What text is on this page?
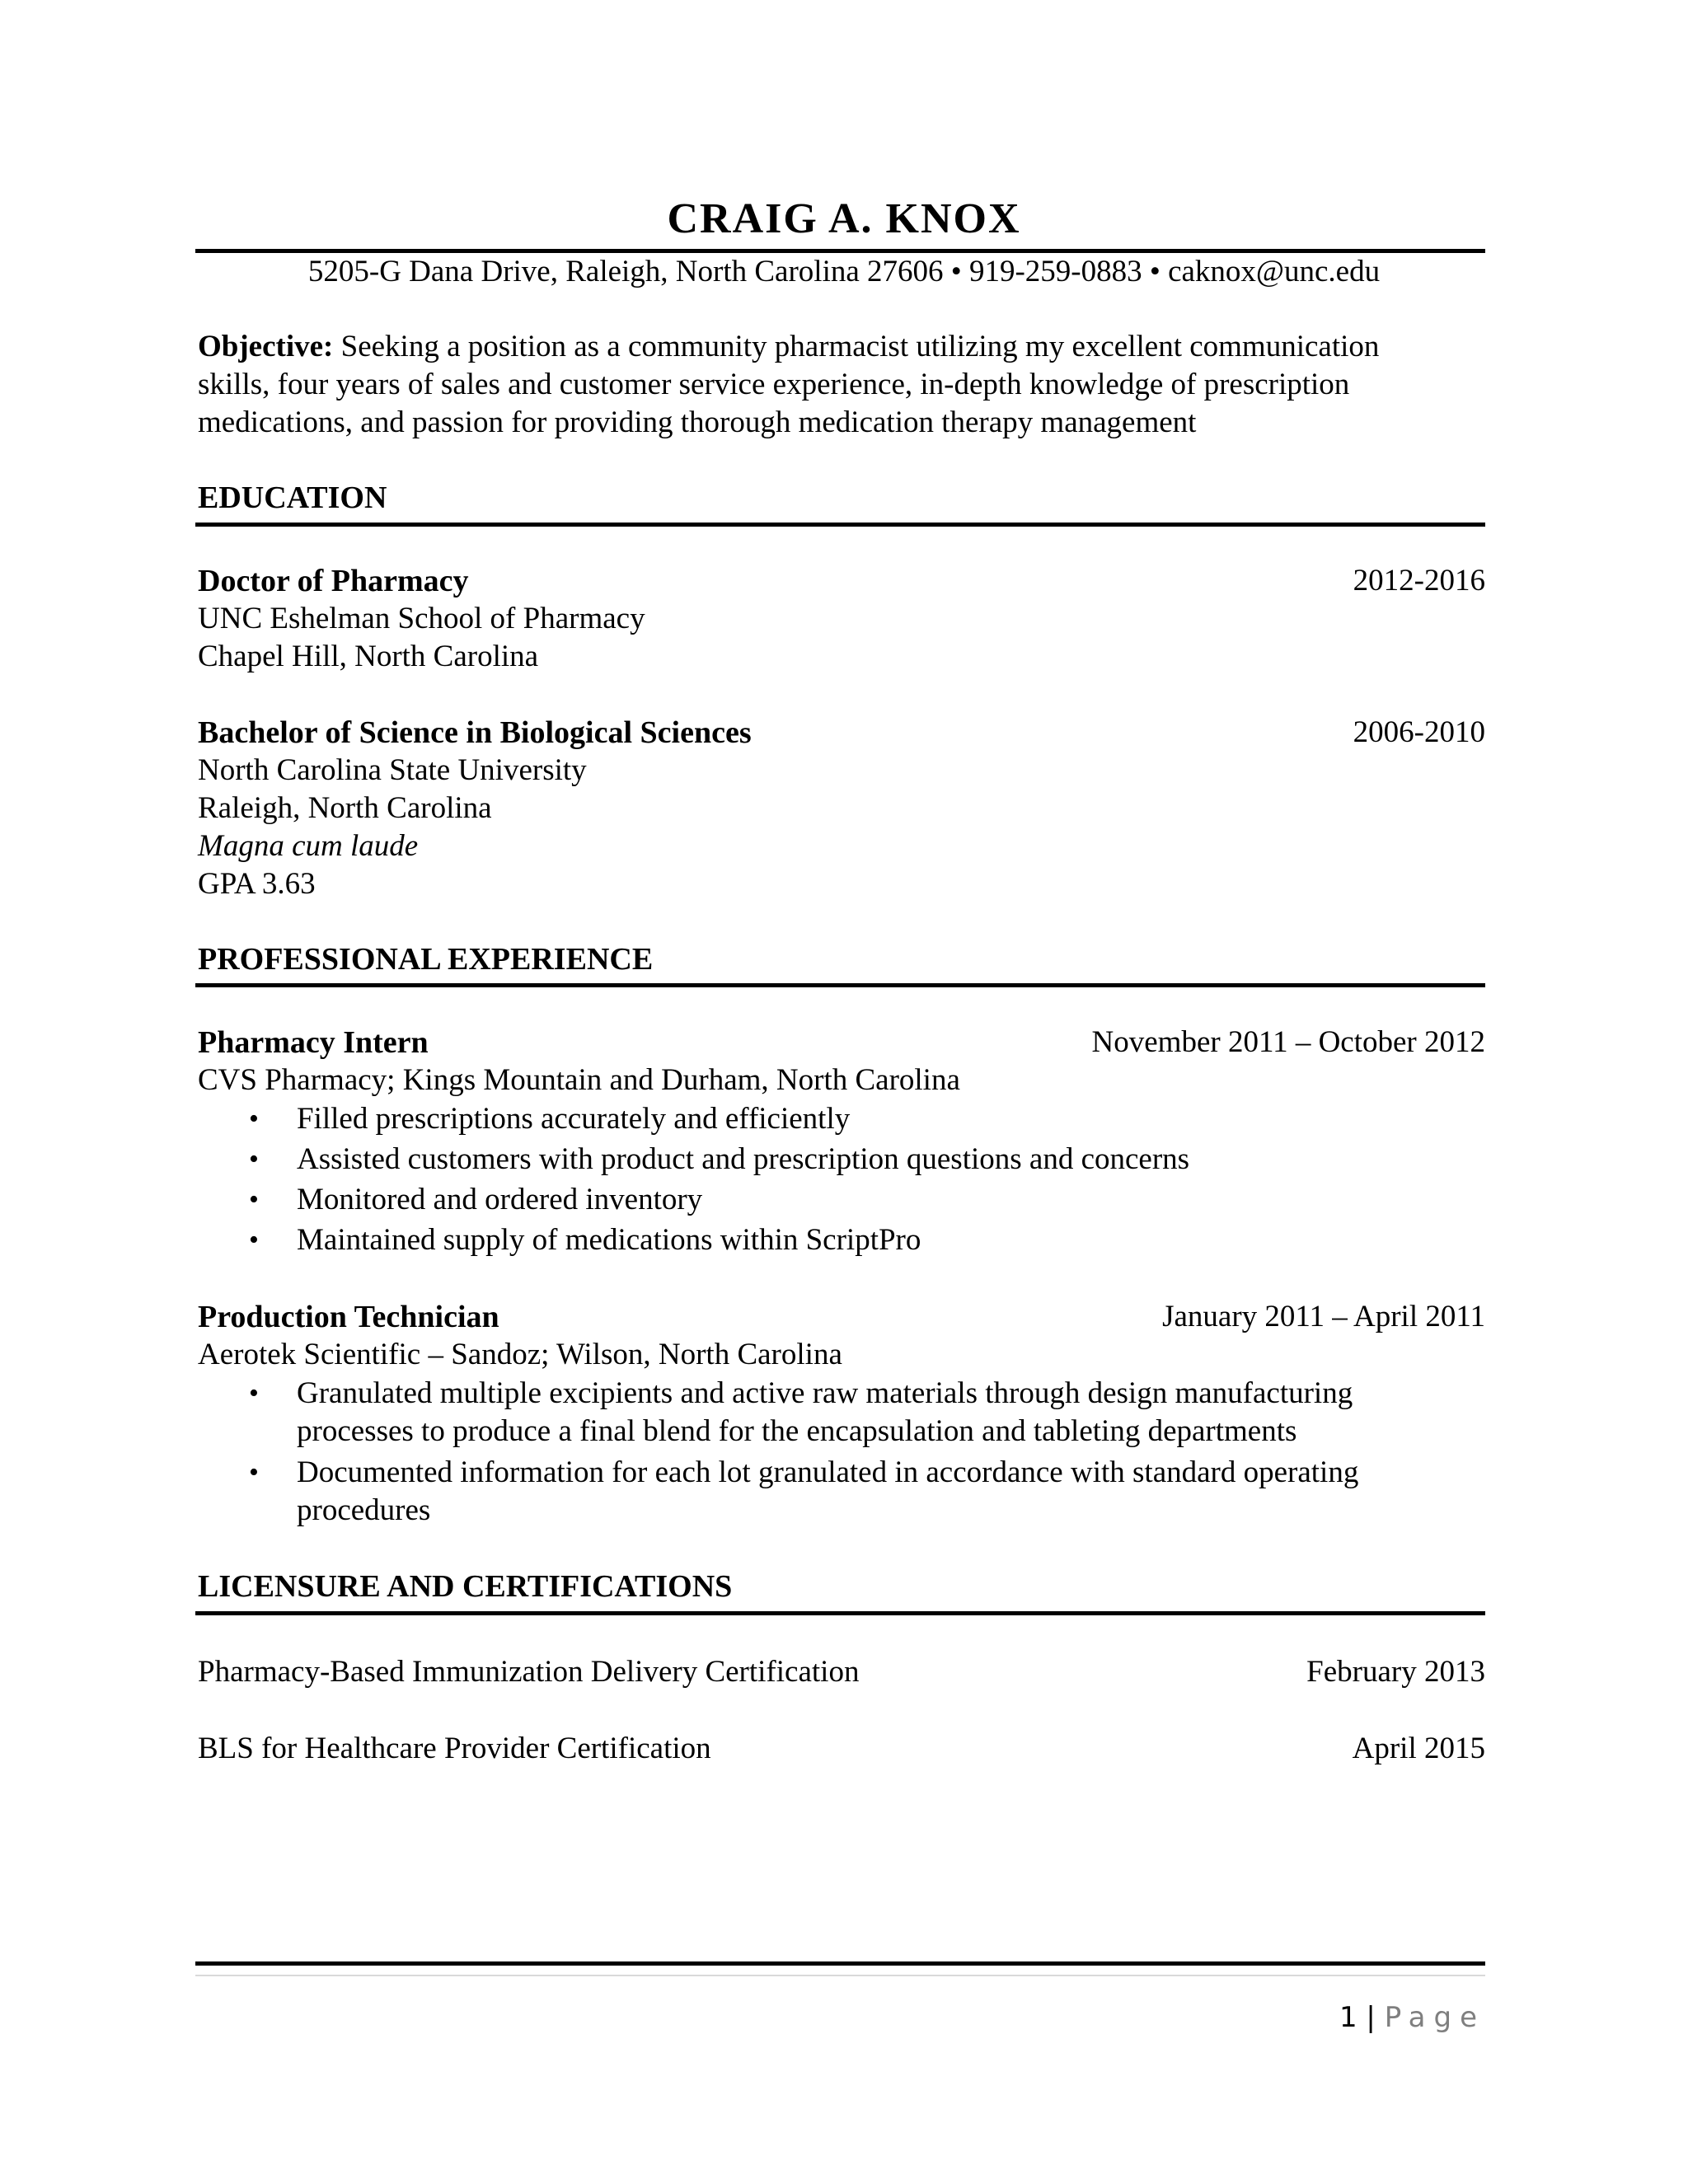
CRAIG A. KNOX
5205-G Dana Drive, Raleigh, North Carolina 27606 • 919-259-0883 • caknox@unc.edu
Objective: Seeking a position as a community pharmacist utilizing my excellent communication
skills, four years of sales and customer service experience, in-depth knowledge of prescription
medications, and passion for providing thorough medication therapy management
EDUCATION
Doctor of Pharmacy	2012-2016
UNC Eshelman School of Pharmacy
Chapel Hill, North Carolina
Bachelor of Science in Biological Sciences	2006-2010
North Carolina State University
Raleigh, North Carolina
Magna cum laude
GPA 3.63
PROFESSIONAL EXPERIENCE
Pharmacy Intern	November 2011 – October 2012
CVS Pharmacy; Kings Mountain and Durham, North Carolina
• Filled prescriptions accurately and efficiently
• Assisted customers with product and prescription questions and concerns
• Monitored and ordered inventory
• Maintained supply of medications within ScriptPro
Production Technician	January 2011 – April 2011
Aerotek Scientific – Sandoz; Wilson, North Carolina
• Granulated multiple excipients and active raw materials through design manufacturing processes to produce a final blend for the encapsulation and tableting departments
• Documented information for each lot granulated in accordance with standard operating procedures
LICENSURE AND CERTIFICATIONS
Pharmacy-Based Immunization Delivery Certification	February 2013
BLS for Healthcare Provider Certification	April 2015
1 | Page
